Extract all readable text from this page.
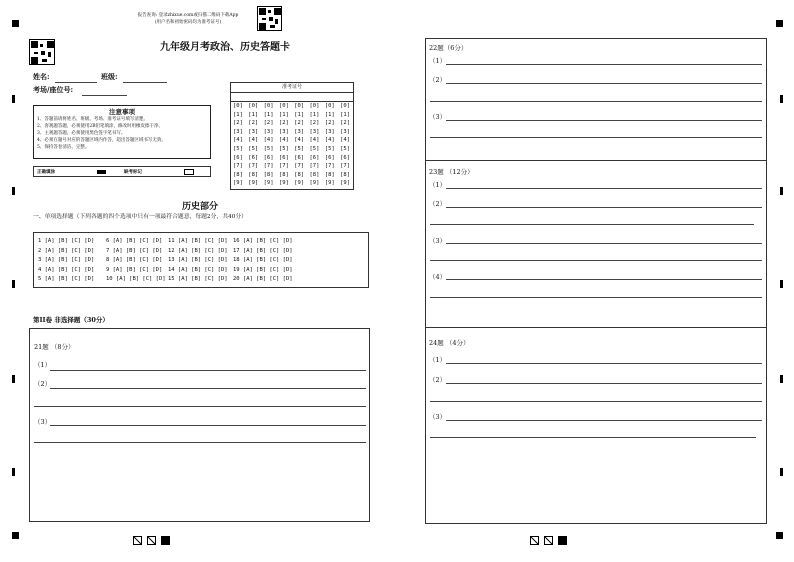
报告查询: 登录zhixue.com或扫描二维码下载App
(用户名和初始密码均为准考证号)
九年级月考政治、历史答题卡
姓名:	班级:
考场/座位号:
注意事项
1、答题前请将姓名、班级、考场、准考证号填写清楚。
2、客观题答题，必须使用2B铅笔填涂，修改时用橡皮擦干净。
3、主观题答题，必须使用黑色签字笔书写。
4、必须在题号对应的答题区域内作答，超出答题区域书写无效。
5、保持答卷清洁、完整。
正确填涂	缺考标记
准考证号
[0]
[1]
[2]
[3]
[4]
[5]
[6]
[7]
[8]
[9]
[0]
[1]
[2]
[3]
[4]
[5]
[6]
[7]
[8]
[9]
[0]
[1]
[2]
[3]
[4]
[5]
[6]
[7]
[8]
[9]
[0]
[1]
[2]
[3]
[4]
[5]
[6]
[7]
[8]
[9]
[0]
[1]
[2]
[3]
[4]
[5]
[6]
[7]
[8]
[9]
[0]
[1]
[2]
[3]
[4]
[5]
[6]
[7]
[8]
[9]
[0]
[1]
[2]
[3]
[4]
[5]
[6]
[7]
[8]
[9]
[0]
[1]
[2]
[3]
[4]
[5]
[6]
[7]
[8]
[9]
历史部分
一、单项选择题（下列各题的四个选项中只有一项最符合题意，每题2分，共40分）
1 [A] [B] [C] [D]
2 [A] [B] [C] [D]
3 [A] [B] [C] [D]
4 [A] [B] [C] [D]
5 [A] [B] [C] [D]
6 [A] [B] [C] [D]
7 [A] [B] [C] [D]
8 [A] [B] [C] [D]
9 [A] [B] [C] [D]
10 [A] [B] [C] [D]
11 [A] [B] [C] [D]
12 [A] [B] [C] [D]
13 [A] [B] [C] [D]
14 [A] [B] [C] [D]
15 [A] [B] [C] [D]
16 [A] [B] [C] [D]
17 [A] [B] [C] [D]
18 [A] [B] [C] [D]
19 [A] [B] [C] [D]
20 [A] [B] [C] [D]
第II卷 非选择题（30分）
21题 （8分）
（1）
（2）
（3）
22题（6分）
（1）
（2）
（3）
23题 （12分）
（1）
（2）
（3）
（4）
24题 （4分）
（1）
（2）
（3）
